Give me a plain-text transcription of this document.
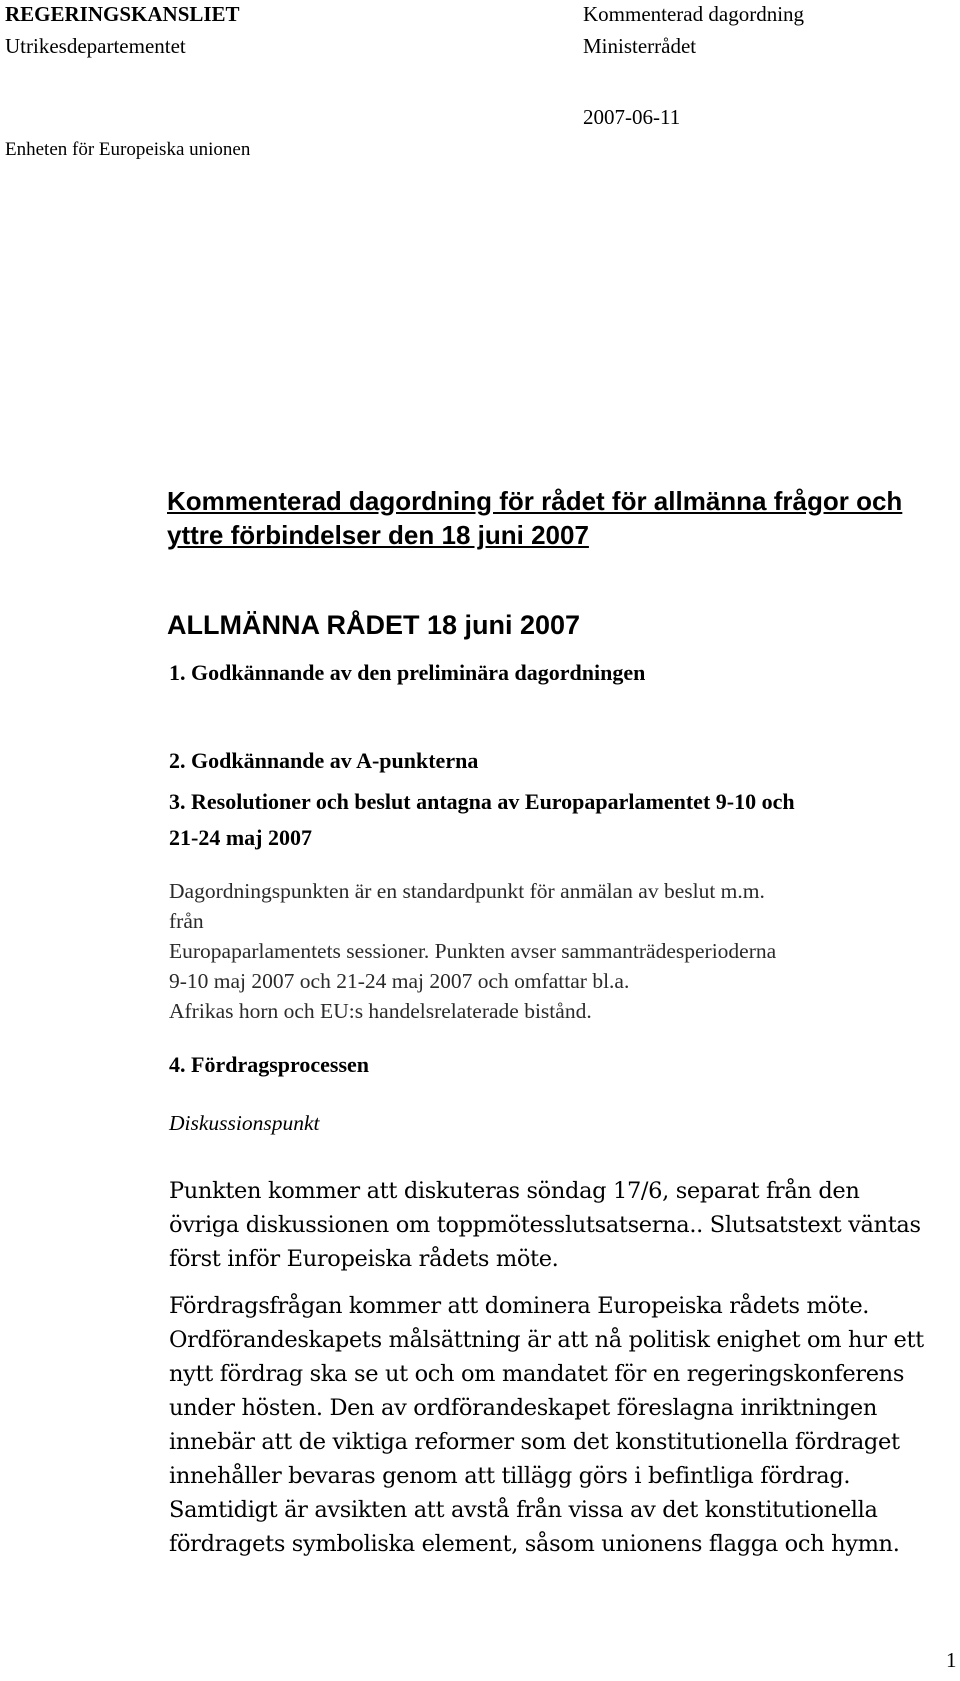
REGERINGSKANSLIET
Utrikesdepartementet
Enheten för Europeiska unionen
Kommenterad dagordning
Ministerrådet
2007-06-11
Kommenterad dagordning för rådet för allmänna frågor och
yttre förbindelser den 18 juni 2007
ALLMÄNNA RÅDET 18 juni 2007
1. Godkännande av den preliminära dagordningen
2. Godkännande av A-punkterna
3. Resolutioner och beslut antagna av Europaparlamentet 9-10 och
21-24 maj 2007
Dagordningspunkten är en standardpunkt för anmälan av beslut m.m.
från
Europaparlamentets sessioner. Punkten avser sammanträdesperioderna
9-10 maj 2007 och 21-24 maj 2007 och omfattar bl.a.
Afrikas horn och EU:s handelsrelaterade bistånd.
4. Fördragsprocessen
Diskussionspunkt
Punkten kommer att diskuteras söndag 17/6, separat från den
övriga diskussionen om toppmötesslutsatserna.. Slutsatstext väntas
först inför Europeiska rådets möte.
Fördragsfrågan kommer att dominera Europeiska rådets möte.
Ordförandeskapets målsättning är att nå politisk enighet om hur ett
nytt fördrag ska se ut och om mandatet för en regeringskonferens
under hösten. Den av ordförandeskapet föreslagna inriktningen
innebär att de viktiga reformer som det konstitutionella fördraget
innehåller bevaras genom att tillägg görs i befintliga fördrag.
Samtidigt är avsikten att avstå från vissa av det konstitutionella
fördragets symboliska element, såsom unionens flagga och hymn.
1
